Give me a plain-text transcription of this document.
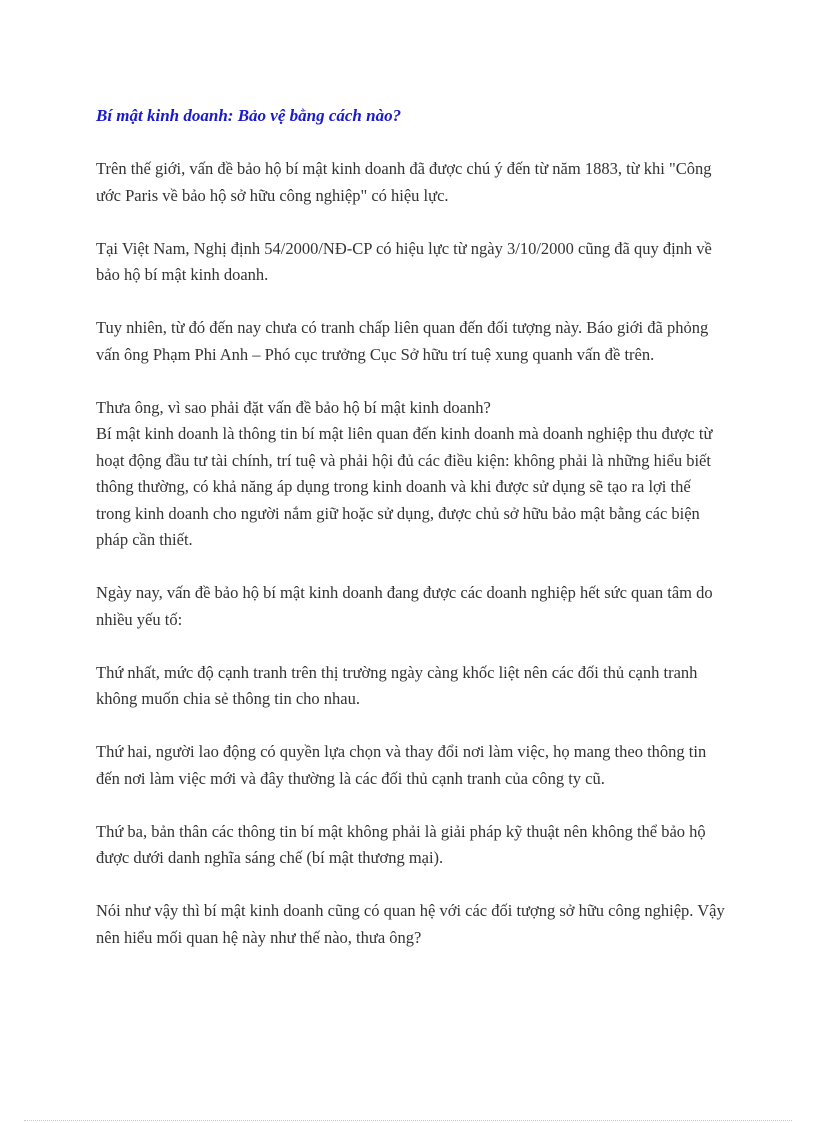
Bí mật kinh doanh: Bảo vệ bằng cách nào?

Trên thế giới, vấn đề bảo hộ bí mật kinh doanh đã được chú ý đến từ năm 1883, từ khi "Công ước Paris về bảo hộ sở hữu công nghiệp" có hiệu lực.

Tại Việt Nam, Nghị định 54/2000/NĐ-CP có hiệu lực từ ngày 3/10/2000 cũng đã quy định về bảo hộ bí mật kinh doanh.

Tuy nhiên, từ đó đến nay chưa có tranh chấp liên quan đến đối tượng này. Báo giới đã phỏng vấn ông Phạm Phi Anh – Phó cục trưởng Cục Sở hữu trí tuệ xung quanh vấn đề trên.

Thưa ông, vì sao phải đặt vấn đề bảo hộ bí mật kinh doanh?

Bí mật kinh doanh là thông tin bí mật liên quan đến kinh doanh mà doanh nghiệp thu được từ hoạt động đầu tư tài chính, trí tuệ và phải hội đủ các điều kiện: không phải là những hiểu biết thông thường, có khả năng áp dụng trong kinh doanh và khi được sử dụng sẽ tạo ra lợi thế trong kinh doanh cho người nắm giữ hoặc sử dụng, được chủ sở hữu bảo mật bằng các biện pháp cần thiết.

Ngày nay, vấn đề bảo hộ bí mật kinh doanh đang được các doanh nghiệp hết sức quan tâm do nhiều yếu tố:

Thứ nhất, mức độ cạnh tranh trên thị trường ngày càng khốc liệt nên các đối thủ cạnh tranh không muốn chia sẻ thông tin cho nhau.

Thứ hai, người lao động có quyền lựa chọn và thay đổi nơi làm việc, họ mang theo thông tin đến nơi làm việc mới và đây thường là các đối thủ cạnh tranh của công ty cũ.

Thứ ba, bản thân các thông tin bí mật không phải là giải pháp kỹ thuật nên không thể bảo hộ được dưới danh nghĩa sáng chế (bí mật thương mại).

Nói như vậy thì bí mật kinh doanh cũng có quan hệ với các đối tượng sở hữu công nghiệp. Vậy nên hiểu mối quan hệ này như thế nào, thưa ông?
